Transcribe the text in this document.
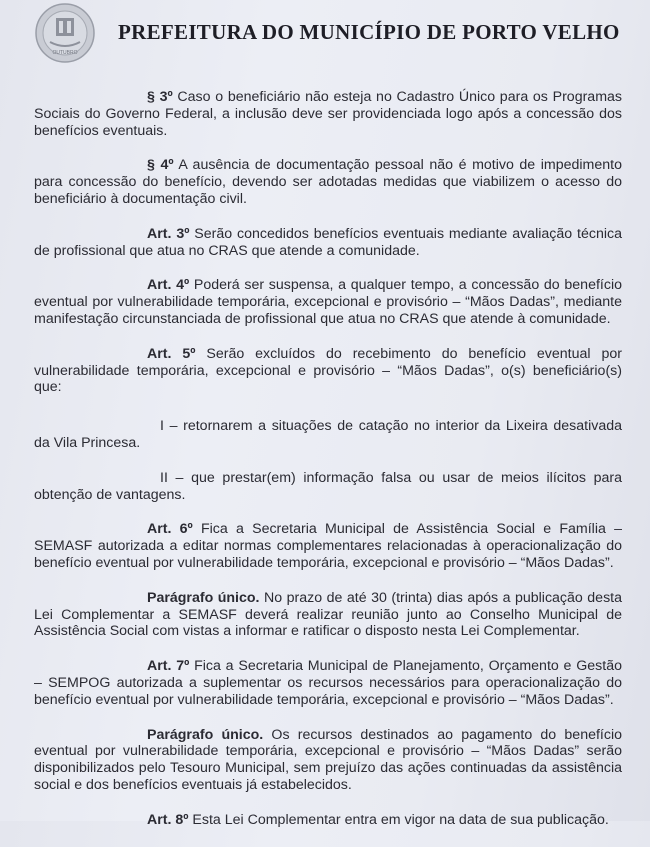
OUTUBRO
PREFEITURA DO MUNICÍPIO DE PORTO VELHO

§ 3º Caso o beneficiário não esteja no Cadastro Único para os Programas Sociais do Governo Federal, a inclusão deve ser providenciada logo após a concessão dos benefícios eventuais.

§ 4º A ausência de documentação pessoal não é motivo de impedimento para concessão do benefício, devendo ser adotadas medidas que viabilizem o acesso do beneficiário à documentação civil.

Art. 3º Serão concedidos benefícios eventuais mediante avaliação técnica de profissional que atua no CRAS que atende a comunidade.

Art. 4º Poderá ser suspensa, a qualquer tempo, a concessão do benefício eventual por vulnerabilidade temporária, excepcional e provisório – “Mãos Dadas”, mediante manifestação circunstanciada de profissional que atua no CRAS que atende à comunidade.

Art. 5º Serão excluídos do recebimento do benefício eventual por vulnerabilidade temporária, excepcional e provisório – “Mãos Dadas”, o(s) beneficiário(s) que:

I – retornarem a situações de catação no interior da Lixeira desativada da Vila Princesa.

II – que prestar(em) informação falsa ou usar de meios ilícitos para obtenção de vantagens.

Art. 6º Fica a Secretaria Municipal de Assistência Social e Família – SEMASF autorizada a editar normas complementares relacionadas à operacionalização do benefício eventual por vulnerabilidade temporária, excepcional e provisório – “Mãos Dadas”.

Parágrafo único. No prazo de até 30 (trinta) dias após a publicação desta Lei Complementar a SEMASF deverá realizar reunião junto ao Conselho Municipal de Assistência Social com vistas a informar e ratificar o disposto nesta Lei Complementar.

Art. 7º Fica a Secretaria Municipal de Planejamento, Orçamento e Gestão – SEMPOG autorizada a suplementar os recursos necessários para operacionalização do benefício eventual por vulnerabilidade temporária, excepcional e provisório – “Mãos Dadas”.

Parágrafo único. Os recursos destinados ao pagamento do benefício eventual por vulnerabilidade temporária, excepcional e provisório – “Mãos Dadas” serão disponibilizados pelo Tesouro Municipal, sem prejuízo das ações continuadas da assistência social e dos benefícios eventuais já estabelecidos.

Art. 8º Esta Lei Complementar entra em vigor na data de sua publicação.
